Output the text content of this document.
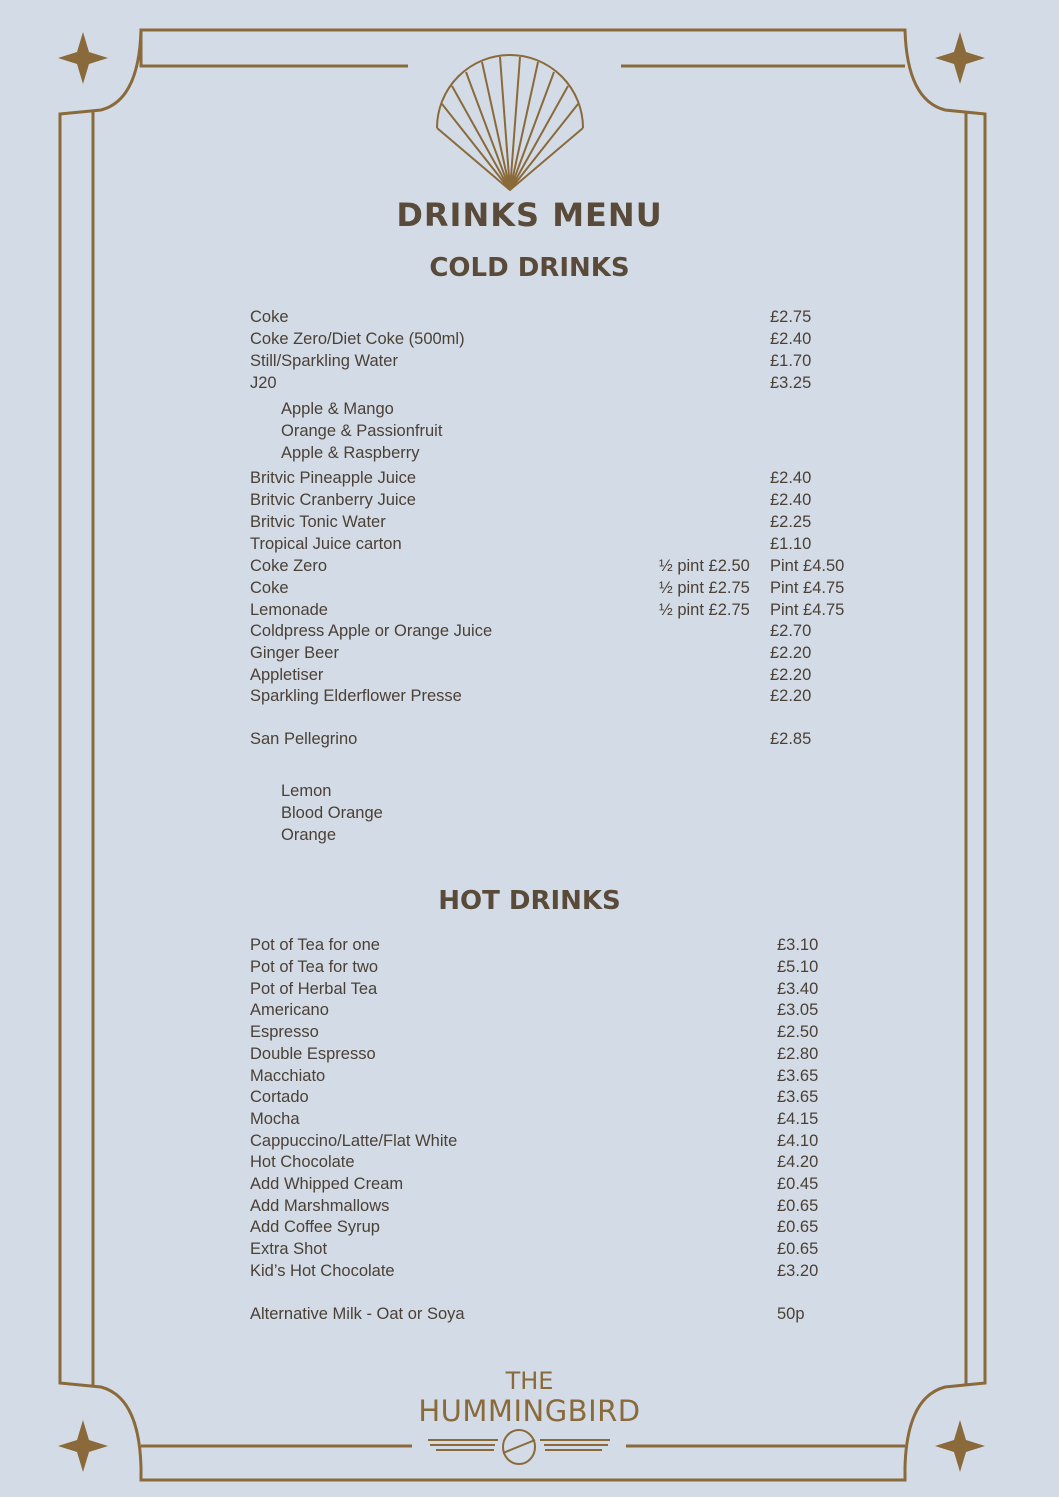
DRINKS MENU
COLD DRINKS
HOT DRINKS
Coke	£2.75
Coke Zero/Diet Coke (500ml)	£2.40
Still/Sparkling Water	£1.70
J20	£3.25
Apple & Mango
Orange & Passionfruit
Apple & Raspberry
Britvic Pineapple Juice	£2.40
Britvic Cranberry Juice	£2.40
Britvic Tonic Water	£2.25
Tropical Juice carton	£1.10
Coke Zero	½ pint £2.50 Pint £4.50
Coke	½ pint £2.75 Pint £4.75
Lemonade	½ pint £2.75 Pint £4.75
Coldpress Apple or Orange Juice	£2.70
Ginger Beer	£2.20
Appletiser	£2.20
Sparkling Elderflower Presse	£2.20
San Pellegrino	£2.85
Lemon
Blood Orange
Orange
Pot of Tea for one	£3.10
Pot of Tea for two	£5.10
Pot of Herbal Tea	£3.40
Americano	£3.05
Espresso	£2.50
Double Espresso	£2.80
Macchiato	£3.65
Cortado	£3.65
Mocha	£4.15
Cappuccino/Latte/Flat White	£4.10
Hot Chocolate	£4.20
Add Whipped Cream	£0.45
Add Marshmallows	£0.65
Add Coffee Syrup	£0.65
Extra Shot	£0.65
Kid’s Hot Chocolate	£3.20
Alternative Milk - Oat or Soya	50p
THE
HUMMINGBIRD
